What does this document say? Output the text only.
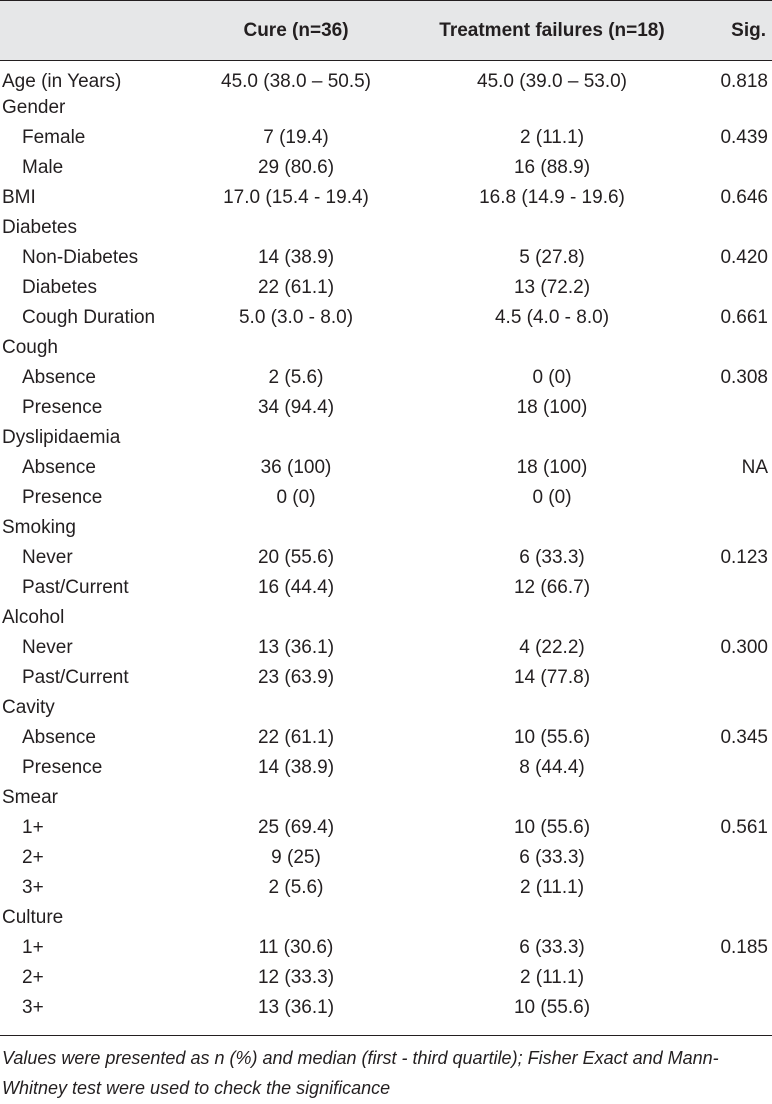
	Cure (n=36)	Treatment failures (n=18)	Sig.
Age (in Years)	45.0 (38.0 – 50.5)	45.0 (39.0 – 53.0)	0.818
Gender			
Female	7 (19.4)	2 (11.1)	0.439
Male	29 (80.6)	16 (88.9)	
BMI	17.0 (15.4 - 19.4)	16.8 (14.9 - 19.6)	0.646
Diabetes			
Non-Diabetes	14 (38.9)	5 (27.8)	0.420
Diabetes	22 (61.1)	13 (72.2)	
Cough Duration	5.0 (3.0 - 8.0)	4.5 (4.0 - 8.0)	0.661
Cough			
Absence	2 (5.6)	0 (0)	0.308
Presence	34 (94.4)	18 (100)	
Dyslipidaemia			
Absence	36 (100)	18 (100)	NA
Presence	0 (0)	0 (0)	
Smoking			
Never	20 (55.6)	6 (33.3)	0.123
Past/Current	16 (44.4)	12 (66.7)	
Alcohol			
Never	13 (36.1)	4 (22.2)	0.300
Past/Current	23 (63.9)	14 (77.8)	
Cavity			
Absence	22 (61.1)	10 (55.6)	0.345
Presence	14 (38.9)	8 (44.4)	
Smear			
1+	25 (69.4)	10 (55.6)	0.561
2+	9 (25)	6 (33.3)	
3+	2 (5.6)	2 (11.1)	
Culture			
1+	11 (30.6)	6 (33.3)	0.185
2+	12 (33.3)	2 (11.1)	
3+	13 (36.1)	10 (55.6)	
Values were presented as n (%) and median (first - third quartile); Fisher Exact and Mann-Whitney test were used to check the significance
